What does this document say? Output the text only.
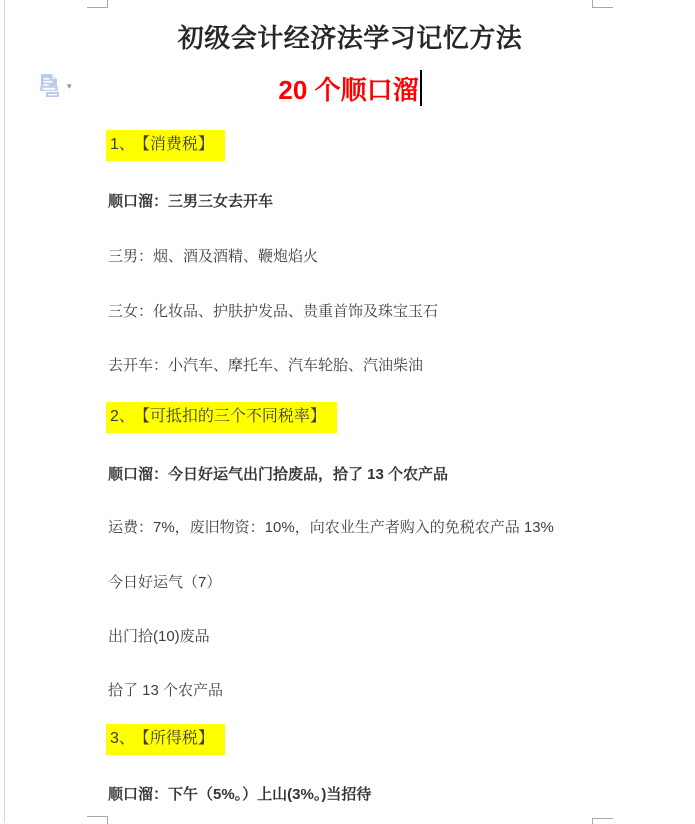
▾
初级会计经济法学习记忆方法
20 个顺口溜
1、 【消费税】
顺口溜：三男三女去开车
三男：烟、酒及酒精、鞭炮焰火
三女：化妆品、护肤护发品、贵重首饰及珠宝玉石
去开车：小汽车、摩托车、汽车轮胎、汽油柴油
2、 【可抵扣的三个不同税率】
顺口溜：今日好运气出门拾废品，拾了 13 个农产品
运费：7%，废旧物资：10%，向农业生产者购入的免税农产品 13%
今日好运气（7）
出门拾(10)废品
拾了 13 个农产品
3、 【所得税】
顺口溜：下午（5%。）上山(3%。)当招待
